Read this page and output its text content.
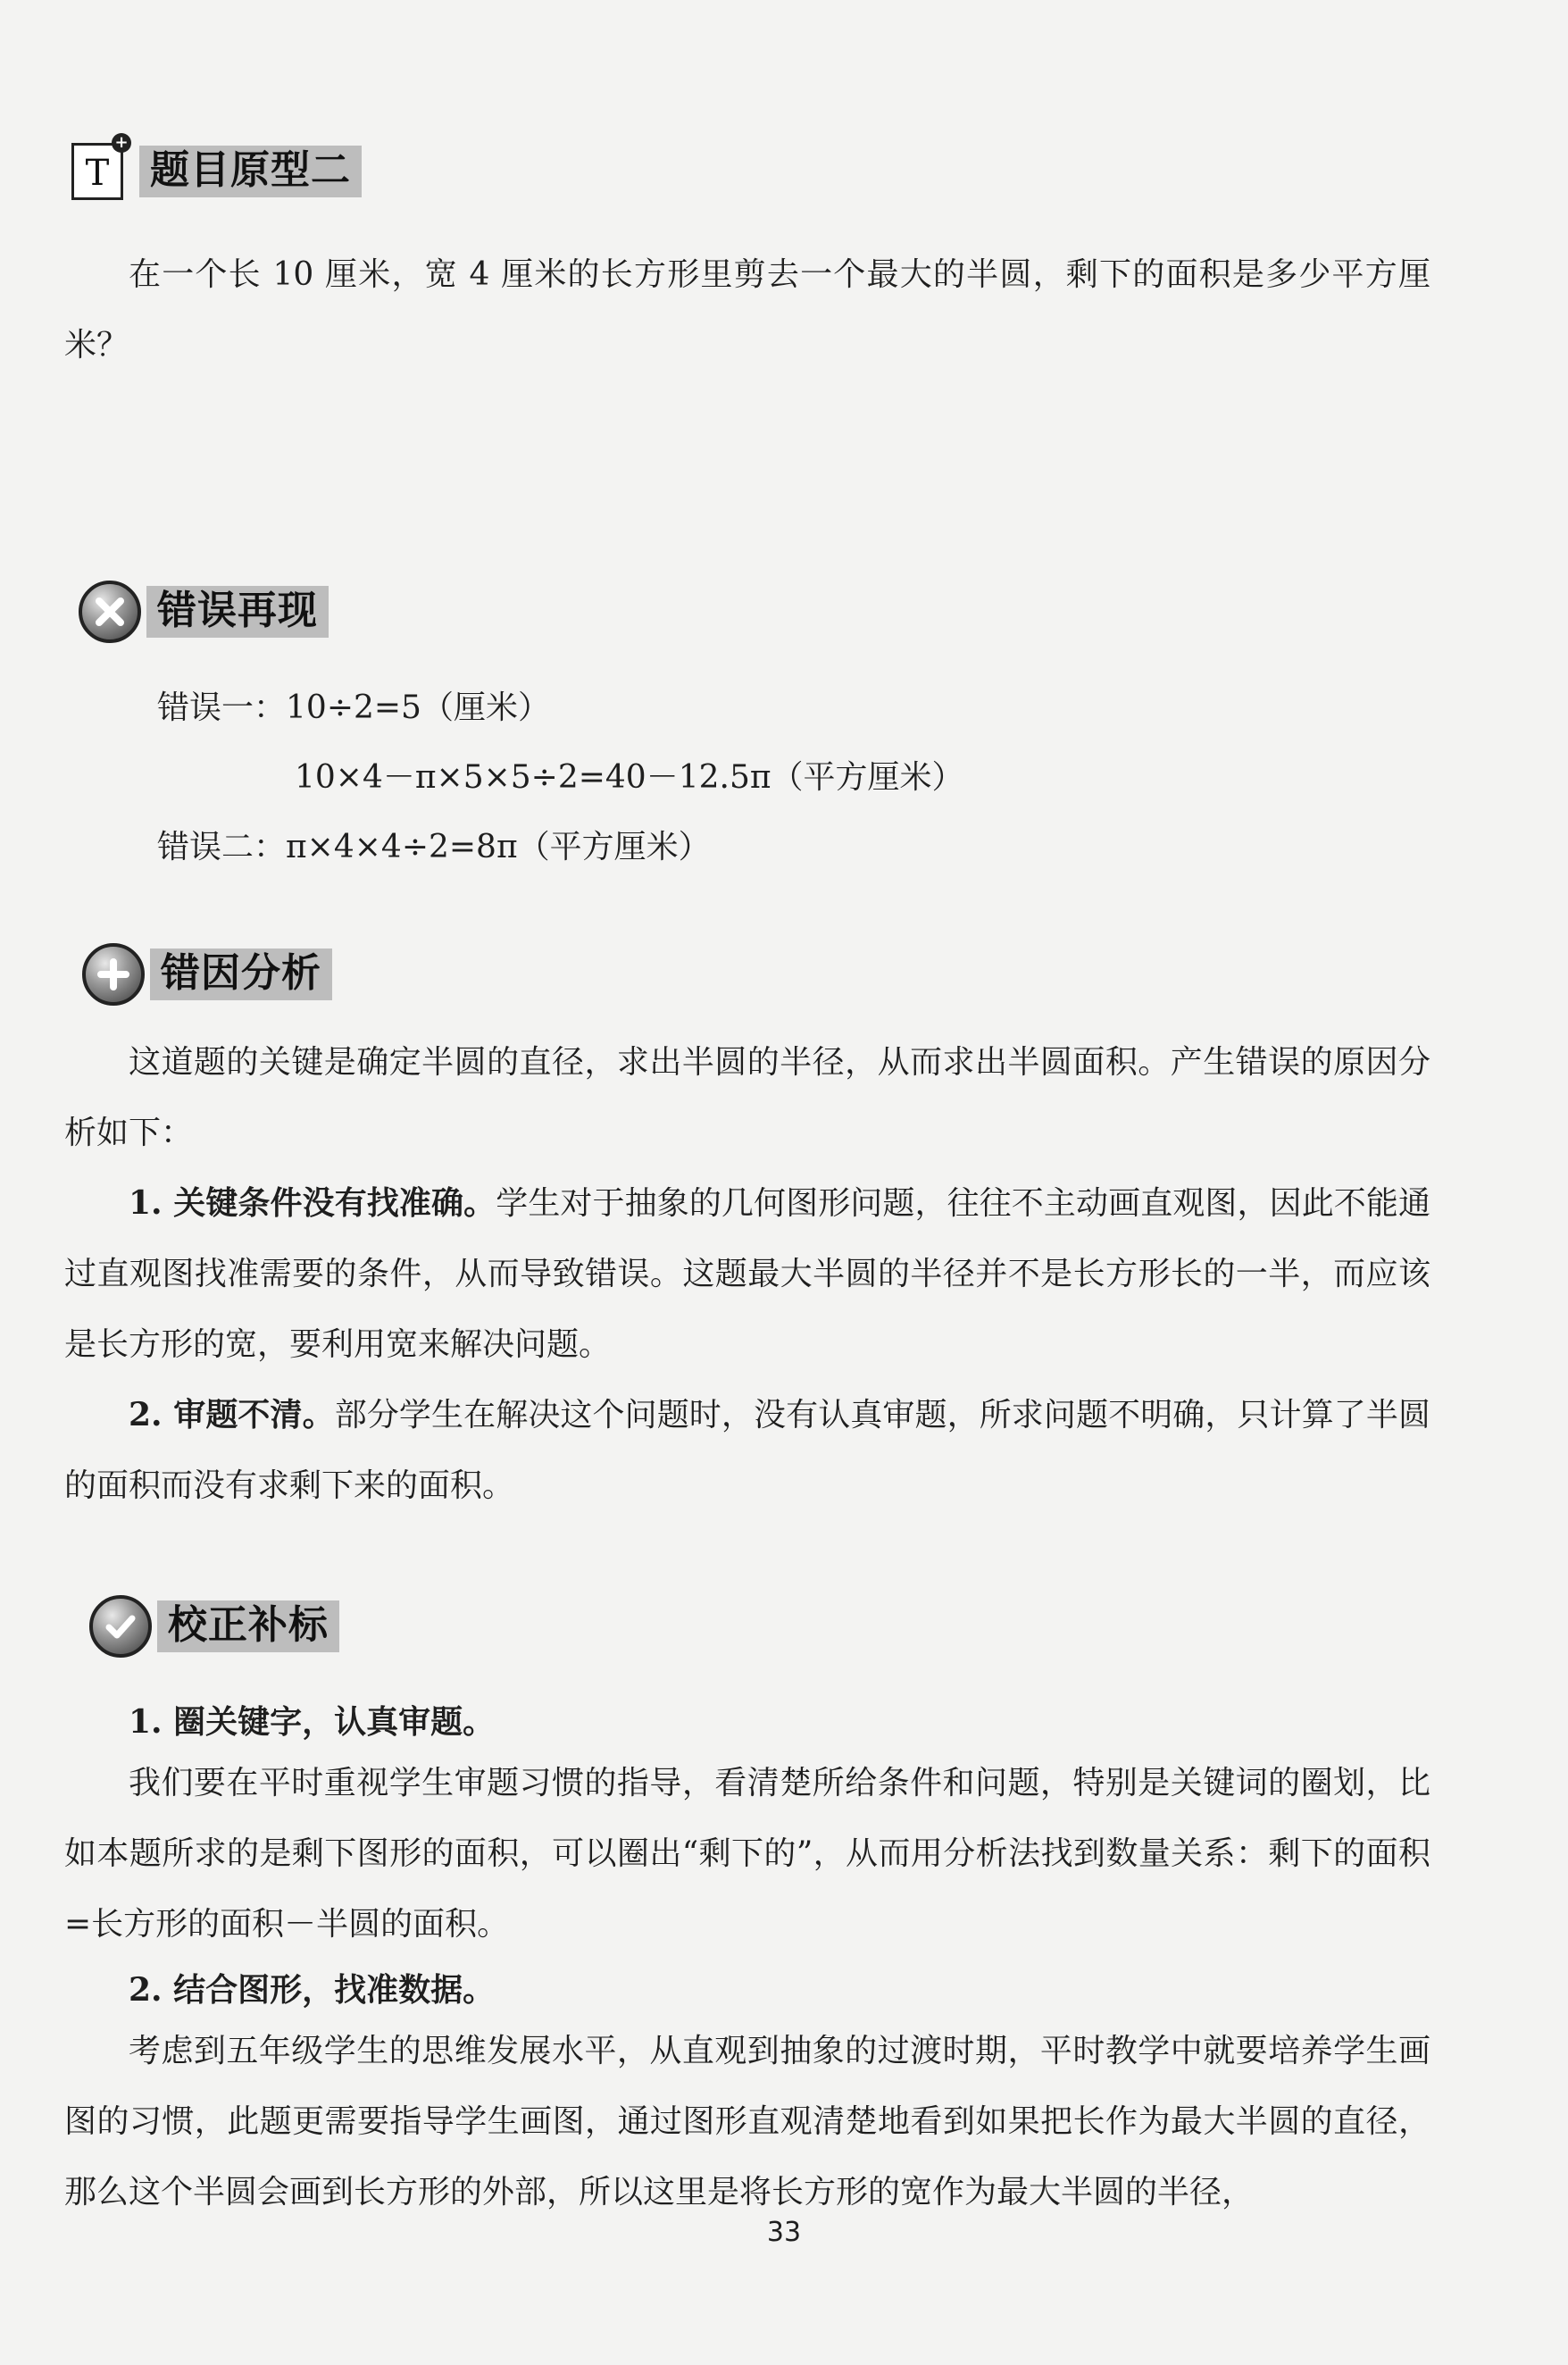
T
+
题目原型二
在一个长 10 厘米，宽 4 厘米的长方形里剪去一个最大的半圆，剩下的面积是多少平方厘米？
错误再现
错误一：10÷2=5（厘米）
10×4－π×5×5÷2=40－12.5π（平方厘米）
错误二：π×4×4÷2=8π（平方厘米）
错因分析
这道题的关键是确定半圆的直径，求出半圆的半径，从而求出半圆面积。产生错误的原因分析如下：
1. 关键条件没有找准确。学生对于抽象的几何图形问题，往往不主动画直观图，因此不能通过直观图找准需要的条件，从而导致错误。这题最大半圆的半径并不是长方形长的一半，而应该是长方形的宽，要利用宽来解决问题。
2. 审题不清。部分学生在解决这个问题时，没有认真审题，所求问题不明确，只计算了半圆的面积而没有求剩下来的面积。
校正补标
1. 圈关键字，认真审题。
我们要在平时重视学生审题习惯的指导，看清楚所给条件和问题，特别是关键词的圈划，比如本题所求的是剩下图形的面积，可以圈出“剩下的”，从而用分析法找到数量关系：剩下的面积=长方形的面积－半圆的面积。
2. 结合图形，找准数据。
考虑到五年级学生的思维发展水平，从直观到抽象的过渡时期，平时教学中就要培养学生画图的习惯，此题更需要指导学生画图，通过图形直观清楚地看到如果把长作为最大半圆的直径，那么这个半圆会画到长方形的外部，所以这里是将长方形的宽作为最大半圆的半径，
33
